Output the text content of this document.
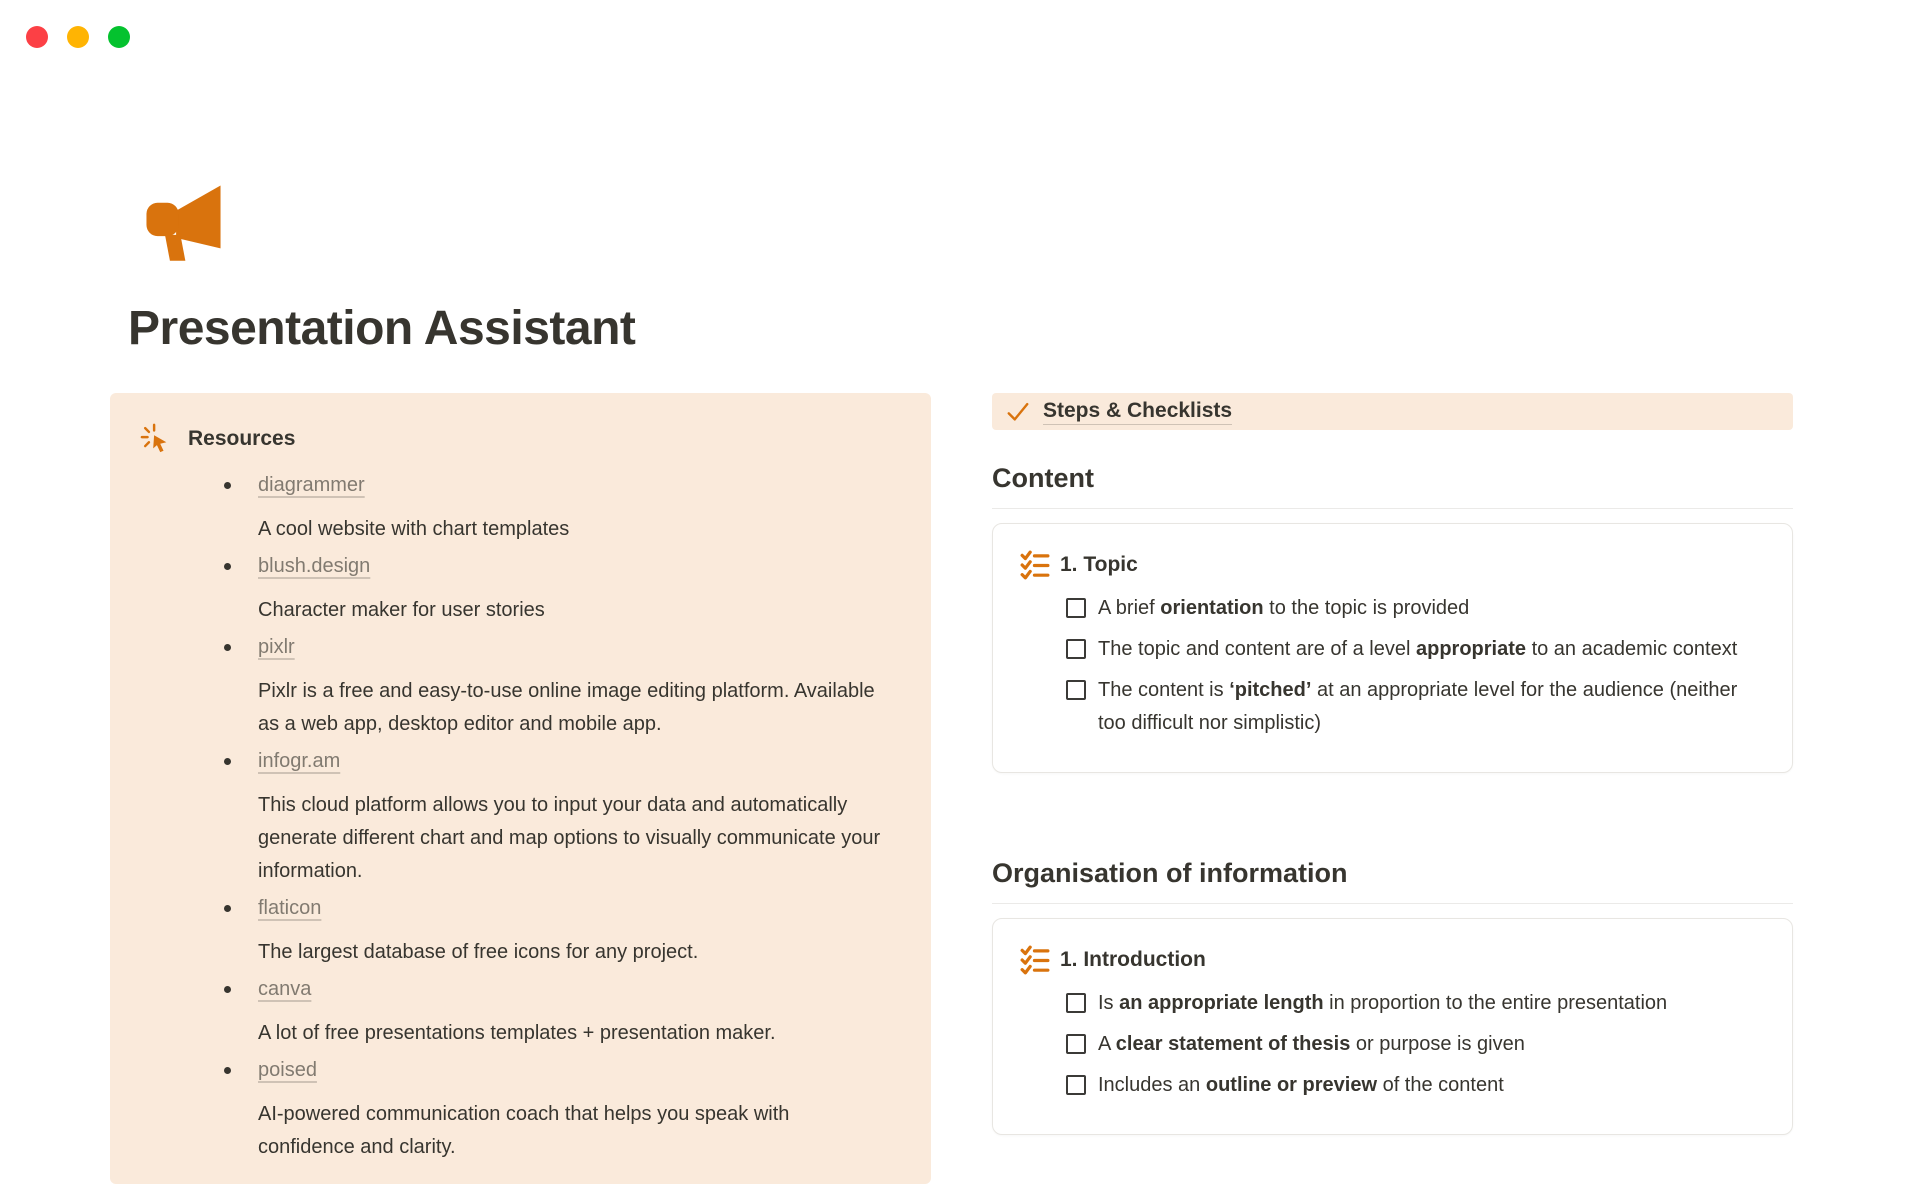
Presentation Assistant
Resources
diagrammer

A cool website with chart templates

blush.design

Character maker for user stories

pixlr

Pixlr is a free and easy-to-use online image editing platform. Available as a web app, desktop editor and mobile app.

infogr.am

This cloud platform allows you to input your data and automatically generate different chart and map options to visually communicate your information.

flaticon

The largest database of free icons for any project.

canva

A lot of free presentations templates + presentation maker.

poised

AI-powered communication coach that helps you speak with confidence and clarity.

Steps & Checklists
Content
1. Topic
A brief orientation to the topic is provided
The topic and content are of a level appropriate to an academic context
The content is ‘pitched’ at an appropriate level for the audience (neither too difficult nor simplistic)
Organisation of information
1. Introduction
Is an appropriate length in proportion to the entire presentation
A clear statement of thesis or purpose is given
Includes an outline or preview of the content
